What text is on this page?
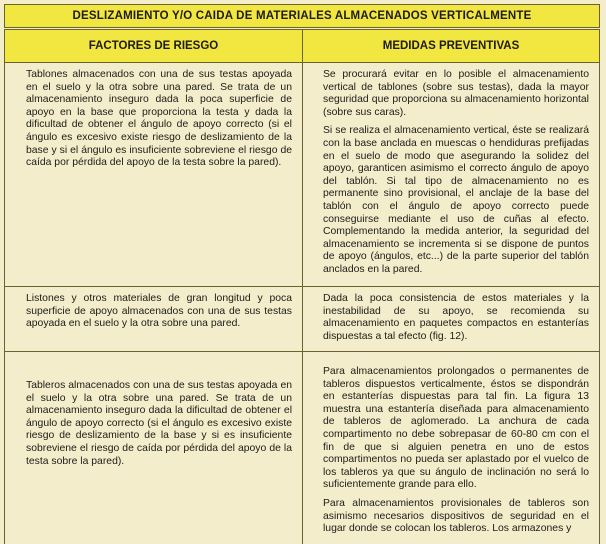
DESLIZAMIENTO Y/O CAIDA DE MATERIALES ALMACENADOS VERTICALMENTE
FACTORES DE RIESGO	MEDIDAS PREVENTIVAS

Tablones almacenados con una de sus testas apoyada en el suelo y la otra sobre una pared. Se trata de un almacenamiento inseguro dada la poca superficie de apoyo en la base que proporciona la testa y dada la dificultad de obtener el ángulo de apoyo correcto (si el ángulo es excesivo existe riesgo de deslizamiento de la base y si el ángulo es insuficiente sobreviene el riesgo de caída por pérdida del apoyo de la testa sobre la pared).

Se procurará evitar en lo posible el almacenamiento vertical de tablones (sobre sus testas), dada la mayor seguridad que proporciona su almacenamiento horizontal (sobre sus caras).

Si se realiza el almacenamiento vertical, éste se realizará con la base anclada en muescas o hendiduras prefijadas en el suelo de modo que asegurando la solidez del apoyo, garanticen asimismo el correcto ángulo de apoyo del tablón. Si tal tipo de almacenamiento no es permanente sino provisional, el anclaje de la base del tablón con el ángulo de apoyo correcto puede conseguirse mediante el uso de cuñas al efecto. Complementando la medida anterior, la seguridad del almacenamiento se incrementa si se dispone de puntos de apoyo (ángulos, etc...) de la parte superior del tablón anclados en la pared.

Listones y otros materiales de gran longitud y poca superficie de apoyo almacenados con una de sus testas apoyada en el suelo y la otra sobre una pared.

Dada la poca consistencia de estos materiales y la inestabilidad de su apoyo, se recomienda su almacenamiento en paquetes compactos en estanterías dispuestas a tal efecto (fig. 12).

Tableros almacenados con una de sus testas apoyada en el suelo y la otra sobre una pared. Se trata de un almacenamiento inseguro dada la dificultad de obtener el ángulo de apoyo correcto (si el ángulo es excesivo existe riesgo de deslizamiento de la base y si es insuficiente sobreviene el riesgo de caída por pérdida del apoyo de la testa sobre la pared).

Para almacenamientos prolongados o permanentes de tableros dispuestos verticalmente, éstos se dispondrán en estanterías dispuestas para tal fin. La figura 13 muestra una estantería diseñada para almacenamiento de tableros de aglomerado. La anchura de cada compartimento no debe sobrepasar de 60-80 cm con el fin de que si alguien penetra en uno de estos compartimentos no pueda ser aplastado por el vuelco de los tableros ya que su ángulo de inclinación no será lo suficientemente grande para ello.

Para almacenamientos provisionales de tableros son asimismo necesarios dispositivos de seguridad en el lugar donde se colocan los tableros. Los armazones y
